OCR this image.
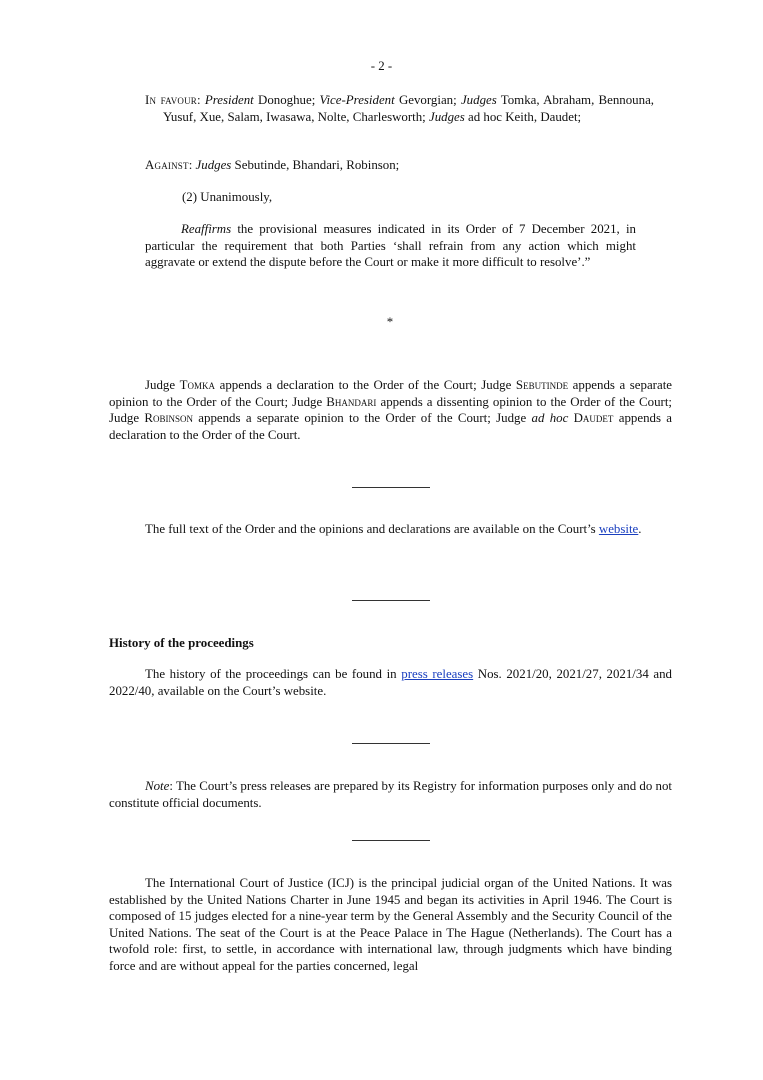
- 2 -

In favour: President Donoghue; Vice-President Gevorgian; Judges Tomka, Abraham, Bennouna, Yusuf, Xue, Salam, Iwasawa, Nolte, Charlesworth; Judges ad hoc Keith, Daudet;

Against: Judges Sebutinde, Bhandari, Robinson;

(2) Unanimously,

Reaffirms the provisional measures indicated in its Order of 7 December 2021, in particular the requirement that both Parties ‘shall refrain from any action which might aggravate or extend the dispute before the Court or make it more difficult to resolve’.”

*

Judge Tomka appends a declaration to the Order of the Court; Judge Sebutinde appends a separate opinion to the Order of the Court; Judge Bhandari appends a dissenting opinion to the Order of the Court; Judge Robinson appends a separate opinion to the Order of the Court; Judge ad hoc Daudet appends a declaration to the Order of the Court.

The full text of the Order and the opinions and declarations are available on the Court’s website.

History of the proceedings

The history of the proceedings can be found in press releases Nos. 2021/20, 2021/27, 2021/34 and 2022/40, available on the Court’s website.

Note: The Court’s press releases are prepared by its Registry for information purposes only and do not constitute official documents.

The International Court of Justice (ICJ) is the principal judicial organ of the United Nations. It was established by the United Nations Charter in June 1945 and began its activities in April 1946. The Court is composed of 15 judges elected for a nine-year term by the General Assembly and the Security Council of the United Nations. The seat of the Court is at the Peace Palace in The Hague (Netherlands). The Court has a twofold role: first, to settle, in accordance with international law, through judgments which have binding force and are without appeal for the parties concerned, legal
